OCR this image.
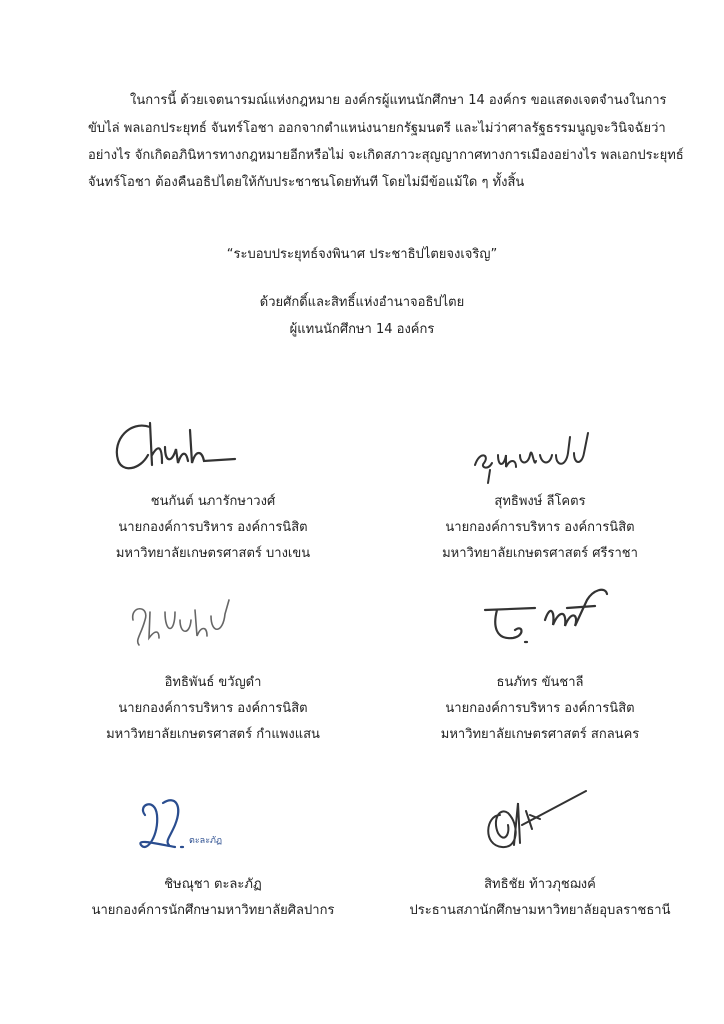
ในการนี้ ด้วยเจตนารมณ์แห่งกฎหมาย องค์กรผู้แทนนักศึกษา 14 องค์กร ขอแสดงเจตจำนงในการ
ขับไล่ พลเอกประยุทธ์ จันทร์โอชา ออกจากตำแหน่งนายกรัฐมนตรี และไม่ว่าศาลรัฐธรรมนูญจะวินิจฉัยว่า
อย่างไร จักเกิดอภินิหารทางกฎหมายอีกหรือไม่ จะเกิดสภาวะสุญญากาศทางการเมืองอย่างไร พลเอกประยุทธ์
จันทร์โอชา ต้องคืนอธิปไตยให้กับประชาชนโดยทันที โดยไม่มีข้อแม้ใด ๆ ทั้งสิ้น
“ระบอบประยุทธ์จงพินาศ ประชาธิปไตยจงเจริญ”
ด้วยศักดิ์และสิทธิ์แห่งอำนาจอธิปไตย
ผู้แทนนักศึกษา 14 องค์กร
ตะละภัฏ
ชนกันต์ นภารักษาวงศ์
นายกองค์การบริหาร องค์การนิสิต
มหาวิทยาลัยเกษตรศาสตร์ บางเขน
สุทธิพงษ์ ลีโคตร
นายกองค์การบริหาร องค์การนิสิต
มหาวิทยาลัยเกษตรศาสตร์ ศรีราชา
อิทธิพันธ์ ขวัญดำ
นายกองค์การบริหาร องค์การนิสิต
มหาวิทยาลัยเกษตรศาสตร์ กำแพงแสน
ธนภัทร ขันชาลี
นายกองค์การบริหาร องค์การนิสิต
มหาวิทยาลัยเกษตรศาสตร์ สกลนคร
ชิษณุชา ตะละภัฏ
นายกองค์การนักศึกษามหาวิทยาลัยศิลปากร
สิทธิชัย ท้าวภุชฌงค์
ประธานสภานักศึกษามหาวิทยาลัยอุบลราชธานี
